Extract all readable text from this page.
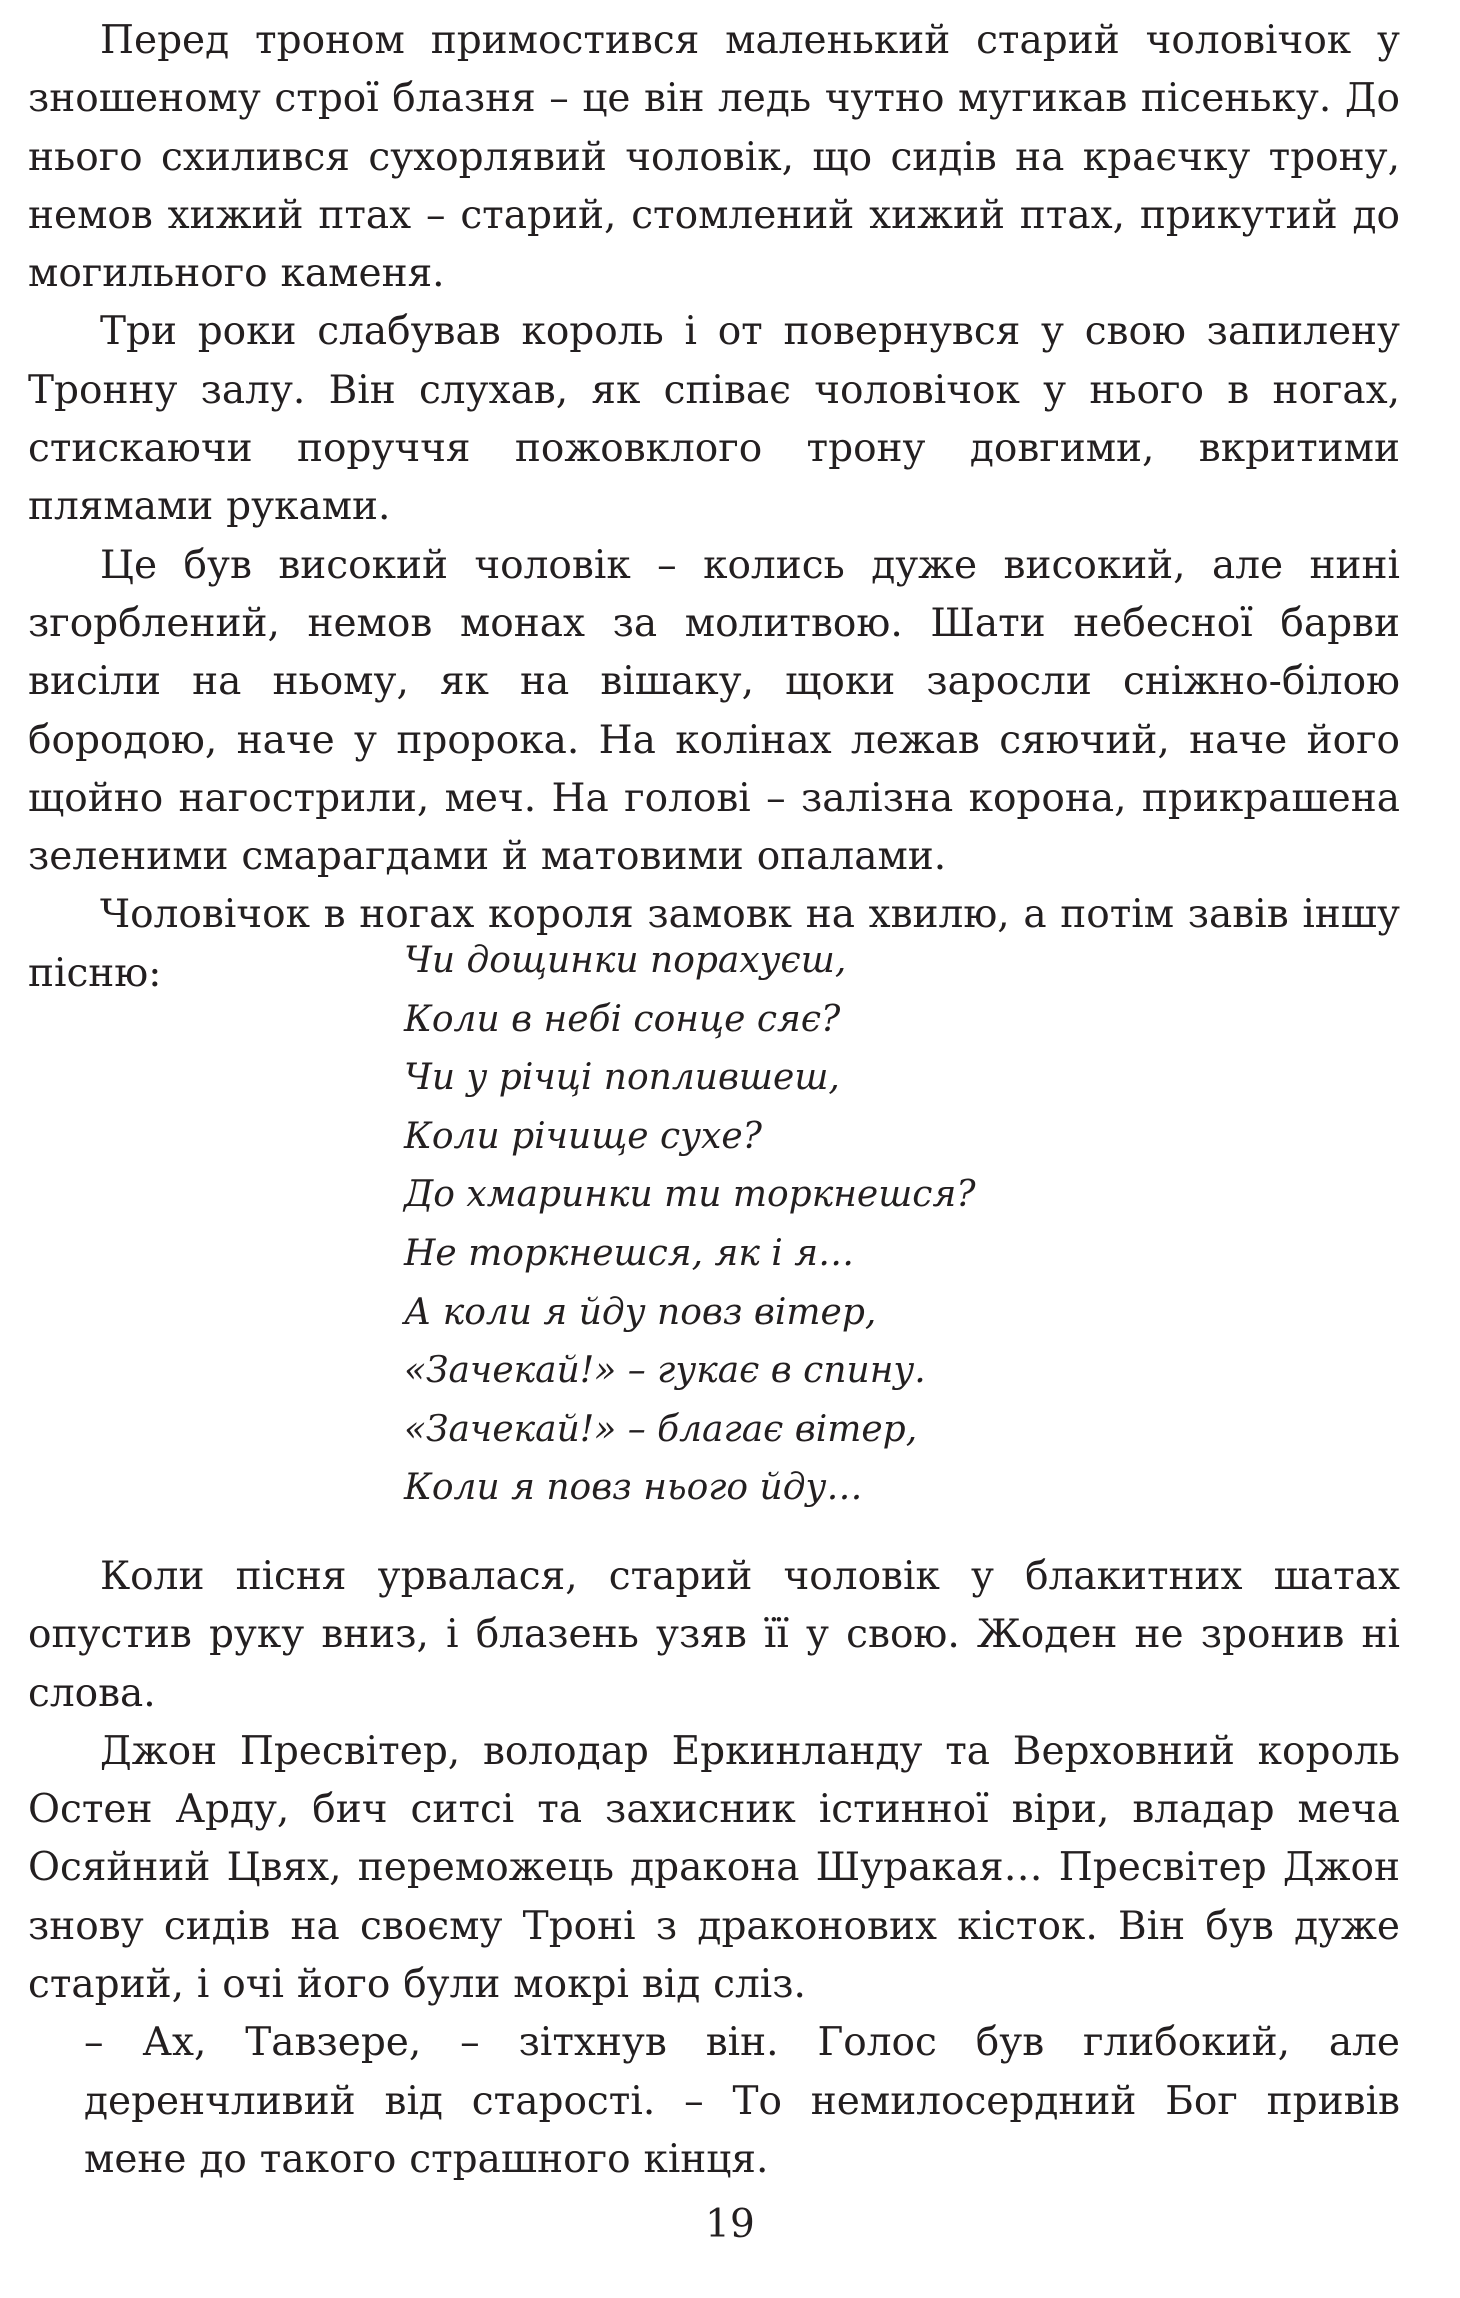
Перед троном примостився маленький старий чоловічок у зношеному строї блазня – це він ледь чутно мугикав пісеньку. До нього схилився сухорлявий чоловік, що сидів на краєчку трону, немов хижий птах – старий, стомлений хижий птах, прикутий до могильного каменя.

Три роки слабував король і от повернувся у свою запилену Тронну залу. Він слухав, як співає чоловічок у нього в ногах, стискаючи поруччя пожовклого трону довгими, вкритими плямами руками.

Це був високий чоловік – колись дуже високий, але нині згорблений, немов монах за молитвою. Шати небесної барви висіли на ньому, як на вішаку, щоки заросли сніжно-білою бородою, наче у пророка. На колінах лежав сяючий, наче його щойно нагострили, меч. На голові – залізна корона, прикрашена зеленими смарагдами й матовими опалами.

Чоловічок в ногах короля замовк на хвилю, а потім завів іншу пісню:	Чи дощинки порахуєш,
Коли в небі сонце сяє?
Чи у річці поплившеш,
Коли річище сухе?
До хмаринки ти торкнешся?
Не торкнешся, як і я…
А коли я йду повз вітер,
«Зачекай!» – гукає в спину.
«Зачекай!» – благає вітер,
Коли я повз нього йду…

Коли пісня урвалася, старий чоловік у блакитних шатах опустив руку вниз, і блазень узяв її у свою. Жоден не зронив ні слова.

Джон Пресвітер, володар Еркинланду та Верховний король Остен Арду, бич ситсі та захисник істинної віри, владар меча Осяйний Цвях, переможець дракона Шуракая… Пресвітер Джон знову сидів на своєму Троні з драконових кісток. Він був дуже старий, і очі його були мокрі від сліз.

– Ах, Тавзере, – зітхнув він. Голос був глибокий, але деренчливий від старості. – То немилосердний Бог привів мене до такого страшного кінця.

19
